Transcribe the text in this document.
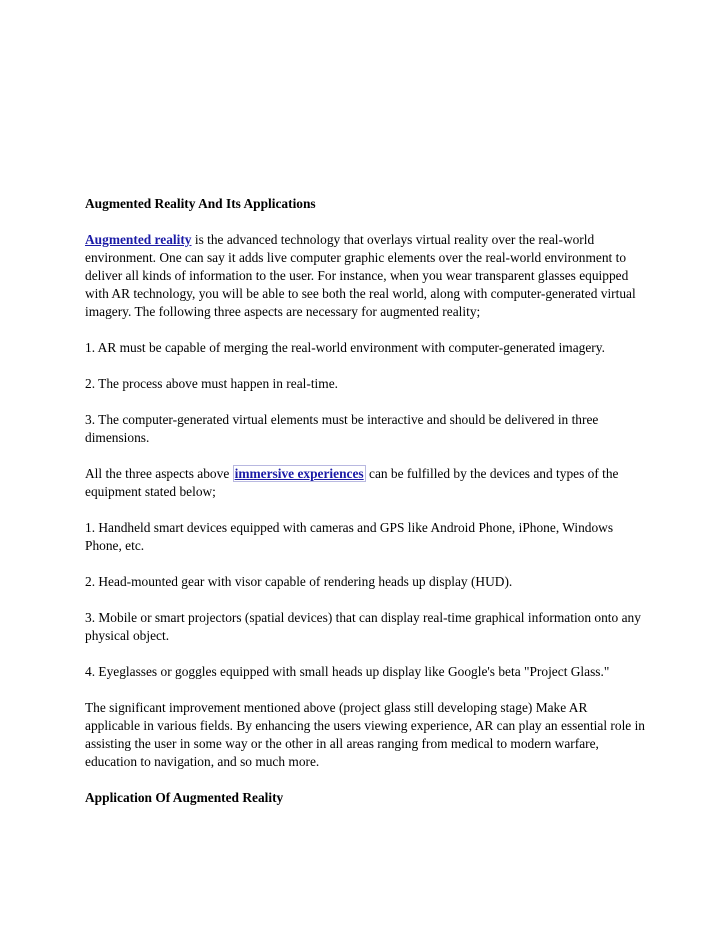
Augmented Reality And Its Applications

Augmented reality is the advanced technology that overlays virtual reality over the real-world environment. One can say it adds live computer graphic elements over the real-world environment to deliver all kinds of information to the user. For instance, when you wear transparent glasses equipped with AR technology, you will be able to see both the real world, along with computer-generated virtual imagery. The following three aspects are necessary for augmented reality;

1. AR must be capable of merging the real-world environment with computer-generated imagery.

2. The process above must happen in real-time.

3. The computer-generated virtual elements must be interactive and should be delivered in three dimensions.

All the three aspects above immersive experiences can be fulfilled by the devices and types of the equipment stated below;

1. Handheld smart devices equipped with cameras and GPS like Android Phone, iPhone, Windows Phone, etc.

2. Head-mounted gear with visor capable of rendering heads up display (HUD).

3. Mobile or smart projectors (spatial devices) that can display real-time graphical information onto any physical object.

4. Eyeglasses or goggles equipped with small heads up display like Google's beta "Project Glass."

The significant improvement mentioned above (project glass still developing stage) Make AR applicable in various fields. By enhancing the users viewing experience, AR can play an essential role in assisting the user in some way or the other in all areas ranging from medical to modern warfare, education to navigation, and so much more.

Application Of Augmented Reality
